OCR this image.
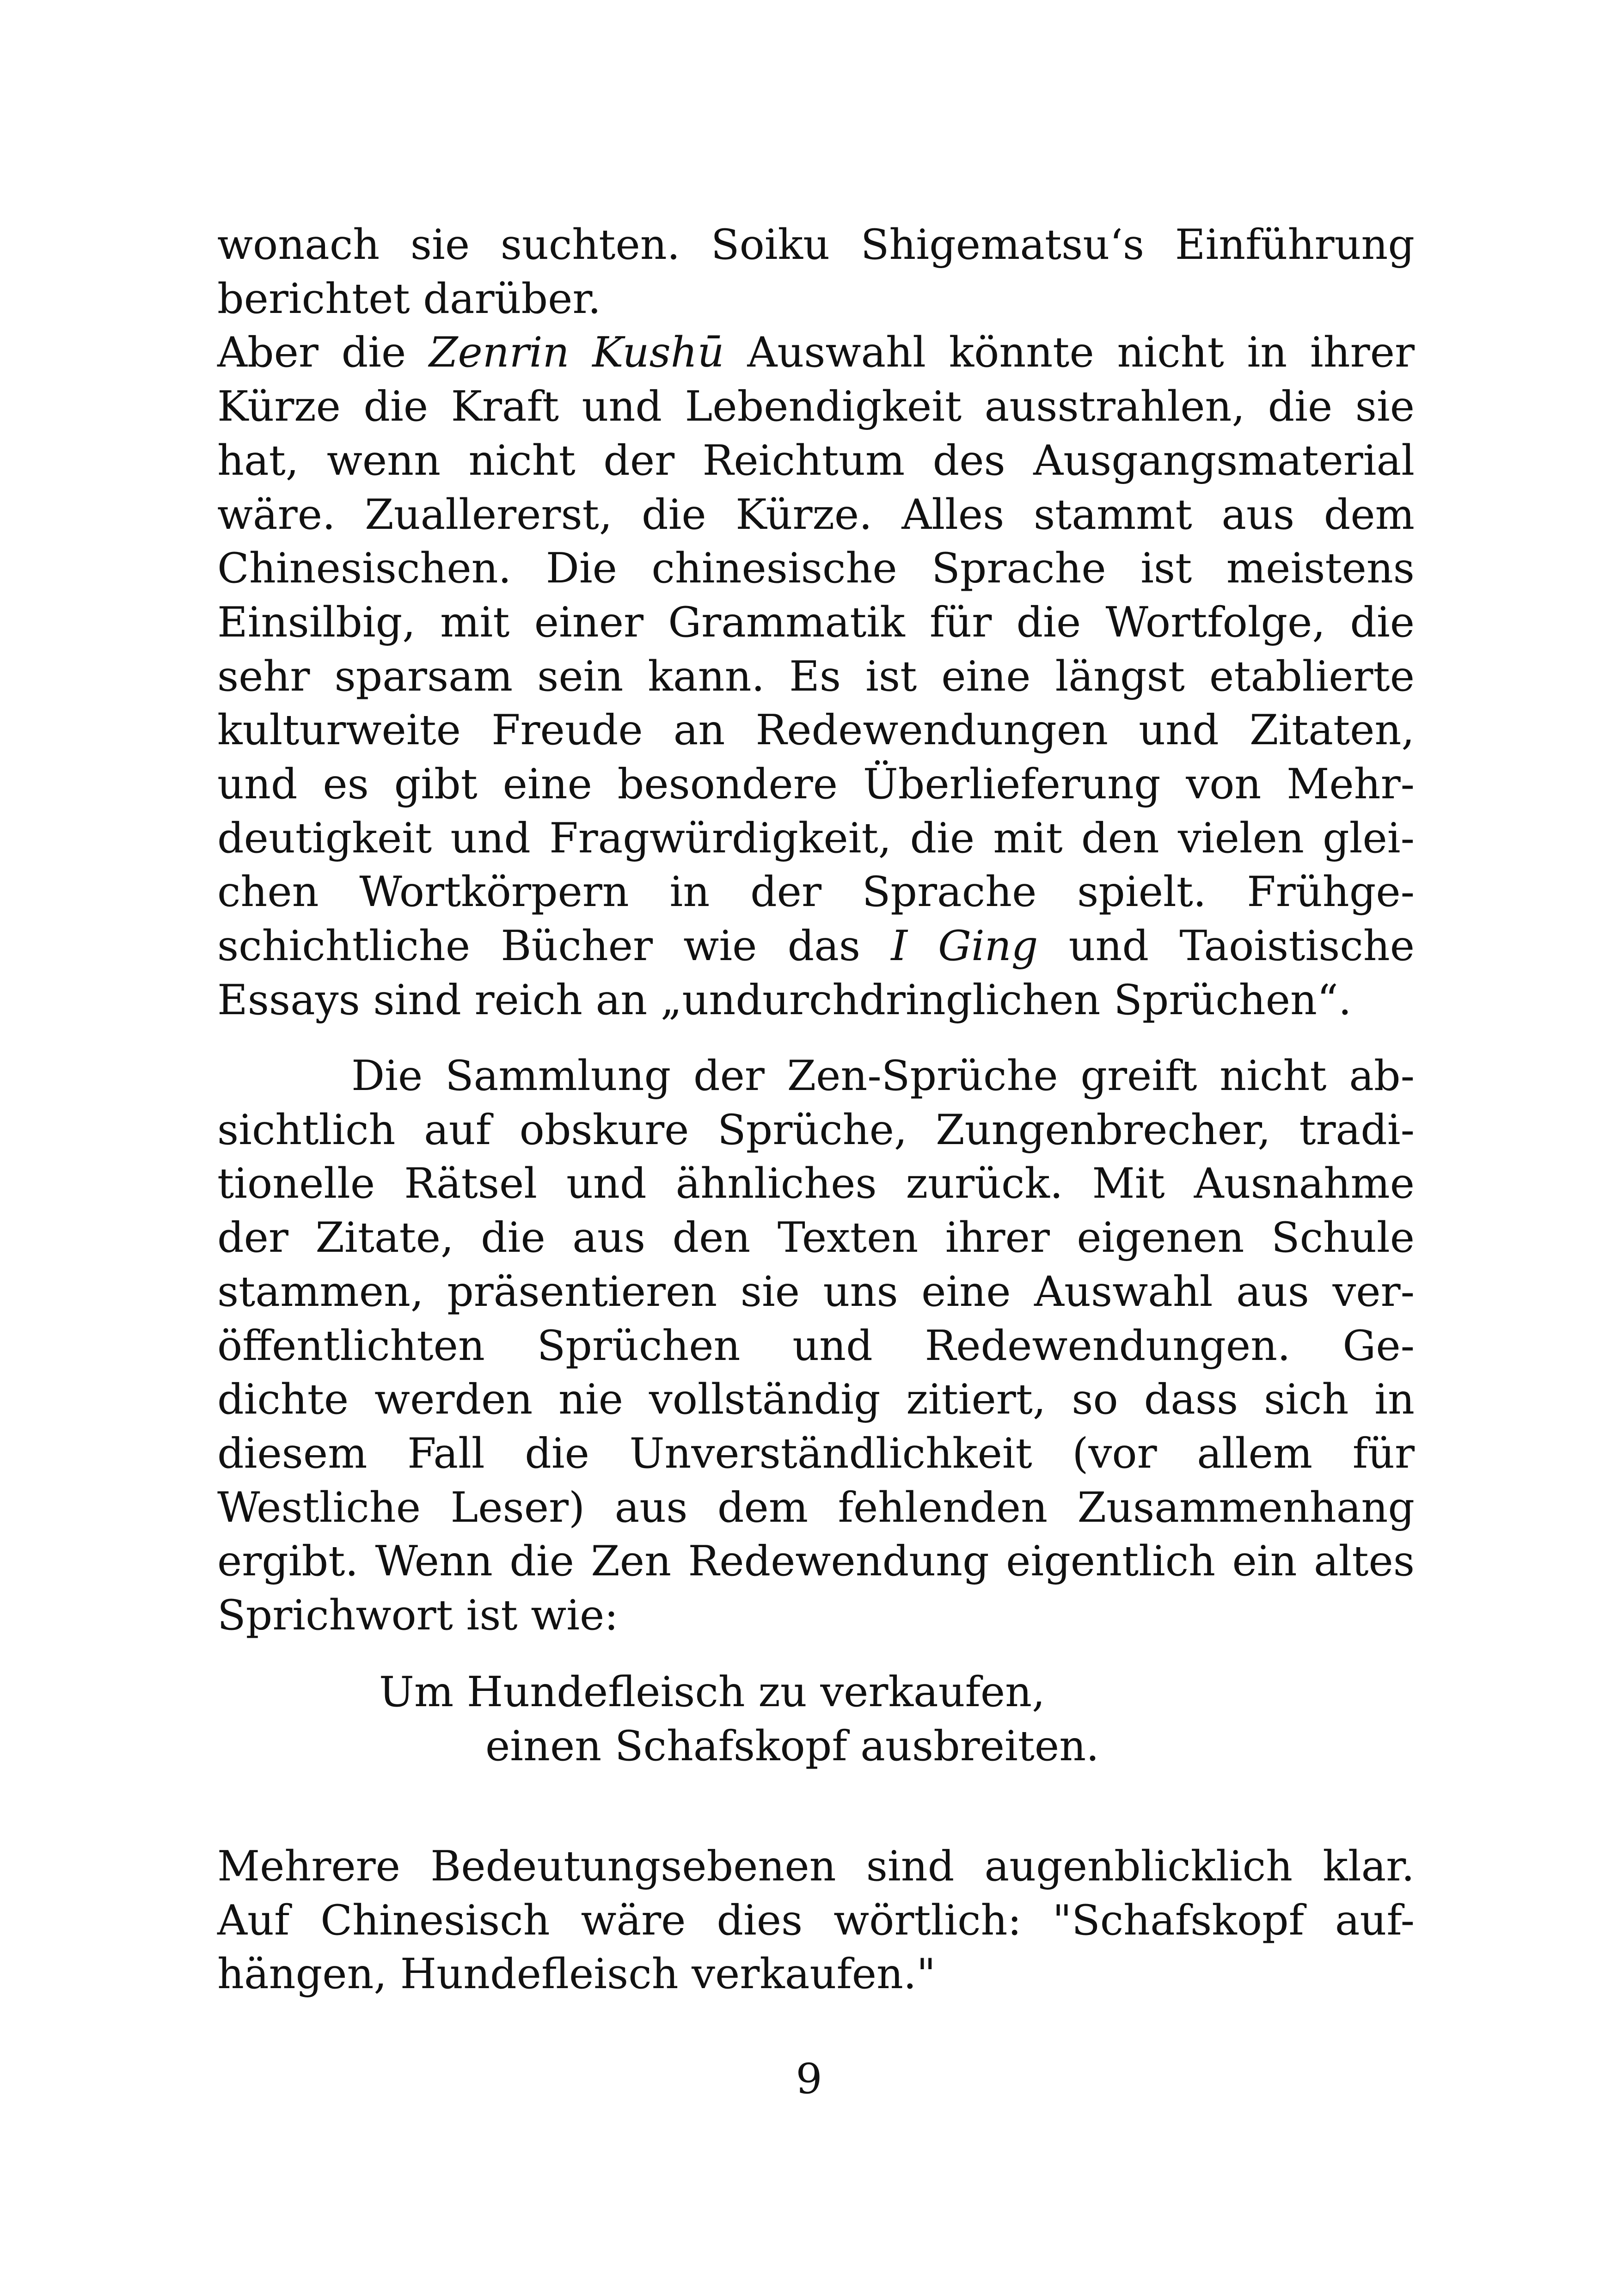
wonach sie suchten. Soiku Shigematsu‘s Einführung
berichtet darüber.
Aber die Zenrin Kushū Auswahl könnte nicht in ihrer
Kürze die Kraft und Lebendigkeit ausstrahlen, die sie
hat, wenn nicht der Reichtum des Ausgangsmaterial
wäre. Zuallererst, die Kürze. Alles stammt aus dem
Chinesischen. Die chinesische Sprache ist meistens
Einsilbig, mit einer Grammatik für die Wortfolge, die
sehr sparsam sein kann. Es ist eine längst etablierte
kulturweite Freude an Redewendungen und Zitaten,
und es gibt eine besondere Überlieferung von Mehr-
deutigkeit und Fragwürdigkeit, die mit den vielen glei-
chen Wortkörpern in der Sprache spielt. Frühge-
schichtliche Bücher wie das I Ging und Taoistische
Essays sind reich an „undurchdringlichen Sprüchen“.
Die Sammlung der Zen-Sprüche greift nicht ab-
sichtlich auf obskure Sprüche, Zungenbrecher, tradi-
tionelle Rätsel und ähnliches zurück. Mit Ausnahme
der Zitate, die aus den Texten ihrer eigenen Schule
stammen, präsentieren sie uns eine Auswahl aus ver-
öffentlichten Sprüchen und Redewendungen. Ge-
dichte werden nie vollständig zitiert, so dass sich in
diesem Fall die Unverständlichkeit (vor allem für
Westliche Leser) aus dem fehlenden Zusammenhang
ergibt. Wenn die Zen Redewendung eigentlich ein altes
Sprichwort ist wie:
Um Hundefleisch zu verkaufen,
einen Schafskopf ausbreiten.
Mehrere Bedeutungsebenen sind augenblicklich klar.
Auf Chinesisch wäre dies wörtlich: "Schafskopf auf-
hängen, Hundefleisch verkaufen."
9
